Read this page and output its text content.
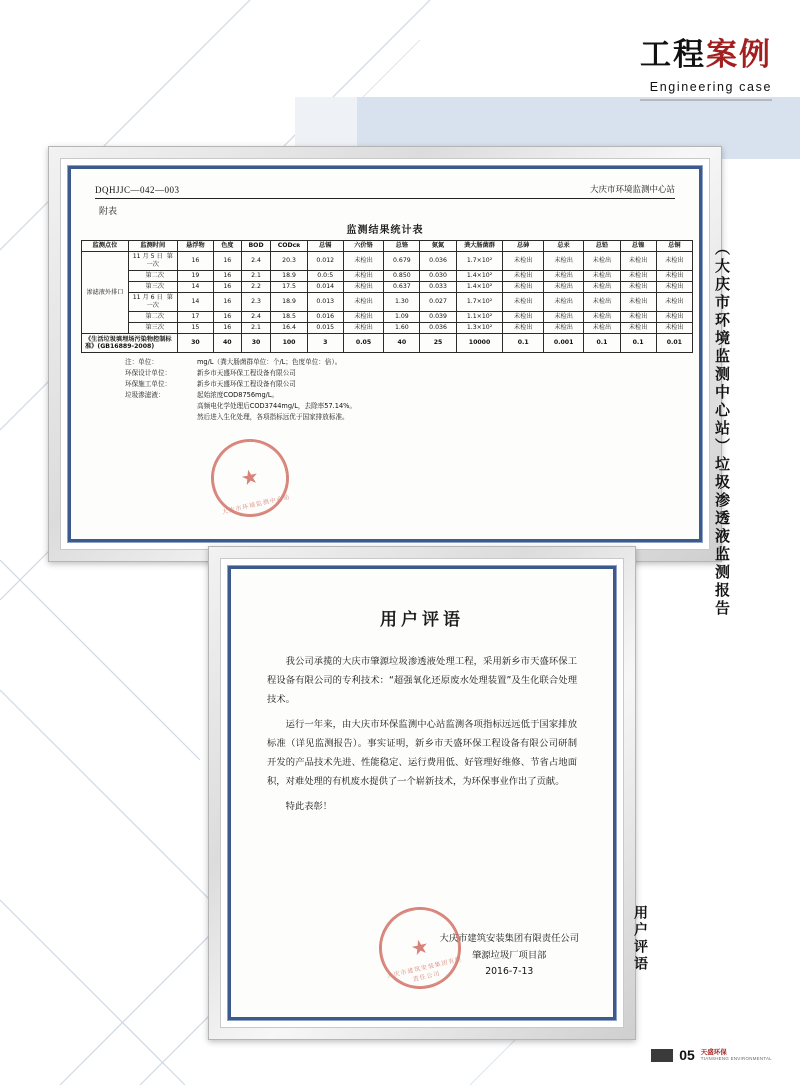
工程案例
Engineering case
DQHJJC—042—003	大庆市环境监测中心站
附表
监测结果统计表
监测点位	监测时间	悬浮物	色度	BOD	CODᴄʀ	总镉	六价铬	总铬	氨氮	粪大肠菌群	总砷	总汞	总铅	总镍	总铜
渗滤液外排口	11 月 5 日 第一次	16	16	2.4	20.3	0.012	未检出	0.679	0.036	1.7×10²	未检出	未检出	未检出	未检出	未检出
	第二次	19	16	2.1	18.9	0.0:5	未检出	0.850	0.030	1.4×10²	未检出	未检出	未检出	未检出	未检出
	第三次	14	16	2.2	17.5	0.014	未检出	0.637	0.033	1.4×10²	未检出	未检出	未检出	未检出	未检出
	11 月 6 日 第一次	14	16	2.3	18.9	0.013	未检出	1.30	0.027	1.7×10²	未检出	未检出	未检出	未检出	未检出
	第二次	17	16	2.4	18.5	0.016	未检出	1.09	0.039	1.1×10²	未检出	未检出	未检出	未检出	未检出
	第三次	15	16	2.1	16.4	0.015	未检出	1.60	0.036	1.3×10²	未检出	未检出	未检出	未检出	未检出
《生活垃圾填埋场污染物控制标准》(GB16889-2008)		30	40	30	100	3	0.05	40	25	10000	0.1	0.001	0.1	0.1	0.01
注：单位：	mg/L（粪大肠菌群单位：个/L；色度单位：倍）。
环保设计单位：	新乡市天盛环保工程设备有限公司
环保施工单位：	新乡市天盛环保工程设备有限公司
垃圾渗滤液：	起始浓度COD8756mg/L。
高频电化学处理后COD3744mg/L，去除率57.14%。
然后进入生化处理，各项指标远优于国家排放标准。
★
大庆市环境监测中心站	（大庆市环境监测中心站）垃圾渗透液监测报告
用户评语

我公司承揽的大庆市肇源垃圾渗透液处理工程，采用新乡市天盛环保工程设备有限公司的专利技术：“超强氧化还原废水处理装置”及生化联合处理技术。

运行一年来，由大庆市环保监测中心站监测各项指标远远低于国家排放标准（详见监测报告）。事实证明，新乡市天盛环保工程设备有限公司研制开发的产品技术先进、性能稳定、运行费用低、好管理好维修、节省占地面积，对难处理的有机废水提供了一个崭新技术，为环保事业作出了贡献。

特此表彰！

大庆市建筑安装集团有限责任公司
肇源垃圾厂项目部
2016-7-13
★
大庆市建筑安装集团有限责任公司
用户评语
05 天盛环保
TIANSHENG ENVIRONMENTAL
